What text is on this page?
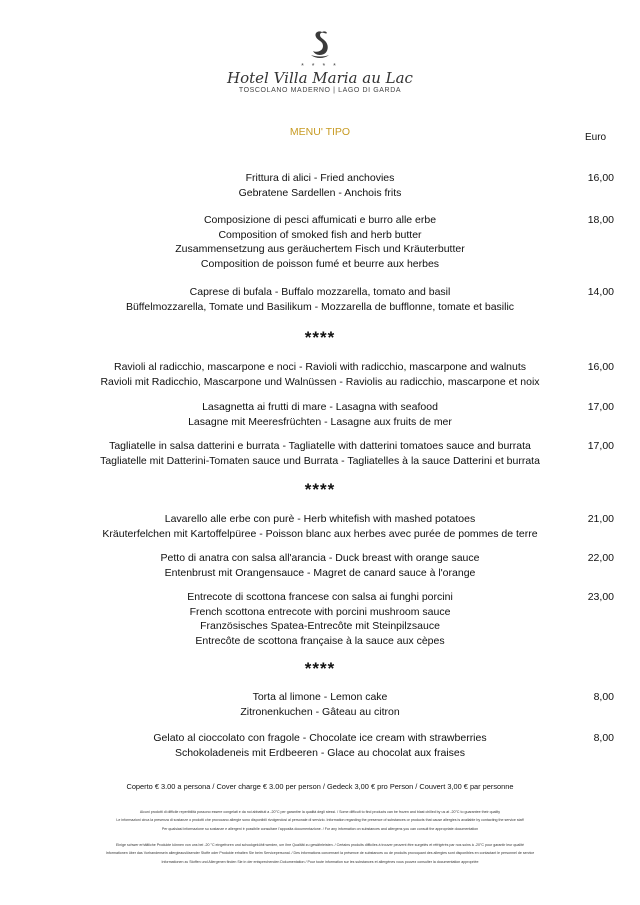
* * * *
Hotel Villa Maria au Lac
TOSCOLANO MADERNO | LAGO DI GARDA
MENU' TIPO	Euro
Frittura di alici - Fried anchovies
Gebratene Sardellen - Anchois frits
16,00
Composizione di pesci affumicati e burro alle erbe
Composition of smoked fish and herb butter
Zusammensetzung aus geräuchertem Fisch und Kräuterbutter
Composition de poisson fumé et beurre aux herbes
18,00
Caprese di bufala - Buffalo mozzarella, tomato and basil
Büffelmozzarella, Tomate und Basilikum - Mozzarella de bufflonne, tomate et basilic
14,00
****
Ravioli al radicchio, mascarpone e noci - Ravioli with radicchio, mascarpone and walnuts
Ravioli mit Radicchio, Mascarpone und Walnüssen - Raviolis au radicchio, mascarpone et noix
16,00
Lasagnetta ai frutti di mare - Lasagna with seafood
Lasagne mit Meeresfrüchten - Lasagne aux fruits de mer
17,00
Tagliatelle in salsa datterini e burrata - Tagliatelle with datterini tomatoes sauce and burrata
Tagliatelle mit Datterini-Tomaten sauce und Burrata - Tagliatelles à la sauce Datterini et burrata
17,00
****
Lavarello alle erbe con purè - Herb whitefish with mashed potatoes
Kräuterfelchen mit Kartoffelpüree - Poisson blanc aux herbes avec purée de pommes de terre
21,00
Petto di anatra con salsa all'arancia - Duck breast with orange sauce
Entenbrust mit Orangensauce - Magret de canard sauce à l'orange
22,00
Entrecote di scottona francese con salsa ai funghi porcini
French scottona entrecote with porcini mushroom sauce
Französisches Spatea-Entrecôte mit Steinpilzsauce
Entrecôte de scottona française à la sauce aux cèpes
23,00
****
Torta al limone - Lemon cake
Zitronenkuchen - Gâteau au citron
8,00
Gelato al cioccolato con fragole - Chocolate ice cream with strawberries
Schokoladeneis mit Erdbeeren - Glace au chocolat aux fraises
8,00
Coperto € 3.00 a persona / Cover charge € 3.00 per person / Gedeck 3,00 € pro Person / Couvert 3,00 € par personne
Alcuni prodotti di difficile reperibilità possono essere congelati e da noi abbattuti a -20°C per garantire la qualità degli stessi. / Some difficult to find products can be frozen and blast chilled by us at -20°C to guarantee their quality
Le informazioni circa la presenza di sostanze o prodotti che provocano allergie sono disponibili rivolgendosi al personale di servizio. Information regarding the presence of substances or products that cause allergies is available by contacting the service staff
Per qualsiasi informazione su sostanze e allergeni è possibile consultare l'apposita documentazione. / For any information on substances and allergens you can consult the appropriate documentation
Einige schwer erhältliche Produkte können von uns bei -20 °C eingefroren und schockgekühlt werden, um ihre Qualität zu gewährleisten. / Certains produits difficiles à trouver peuvent être surgelés et réfrigérés par nos soins à -20°C pour garantir leur qualité
Informationen über das Vorhandensein allergieauslösender Stoffe oder Produkte erhalten Sie beim Servicepersonal. / Des informations concernant la présence de substances ou de produits provoquant des allergies sont disponibles en contactant le personnel de service
Informationen zu Stoffen und Allergenen finden Sie in der entsprechenden Dokumentation / Pour toute information sur les substances et allergènes vous pouvez consulter la documentation appropriée
